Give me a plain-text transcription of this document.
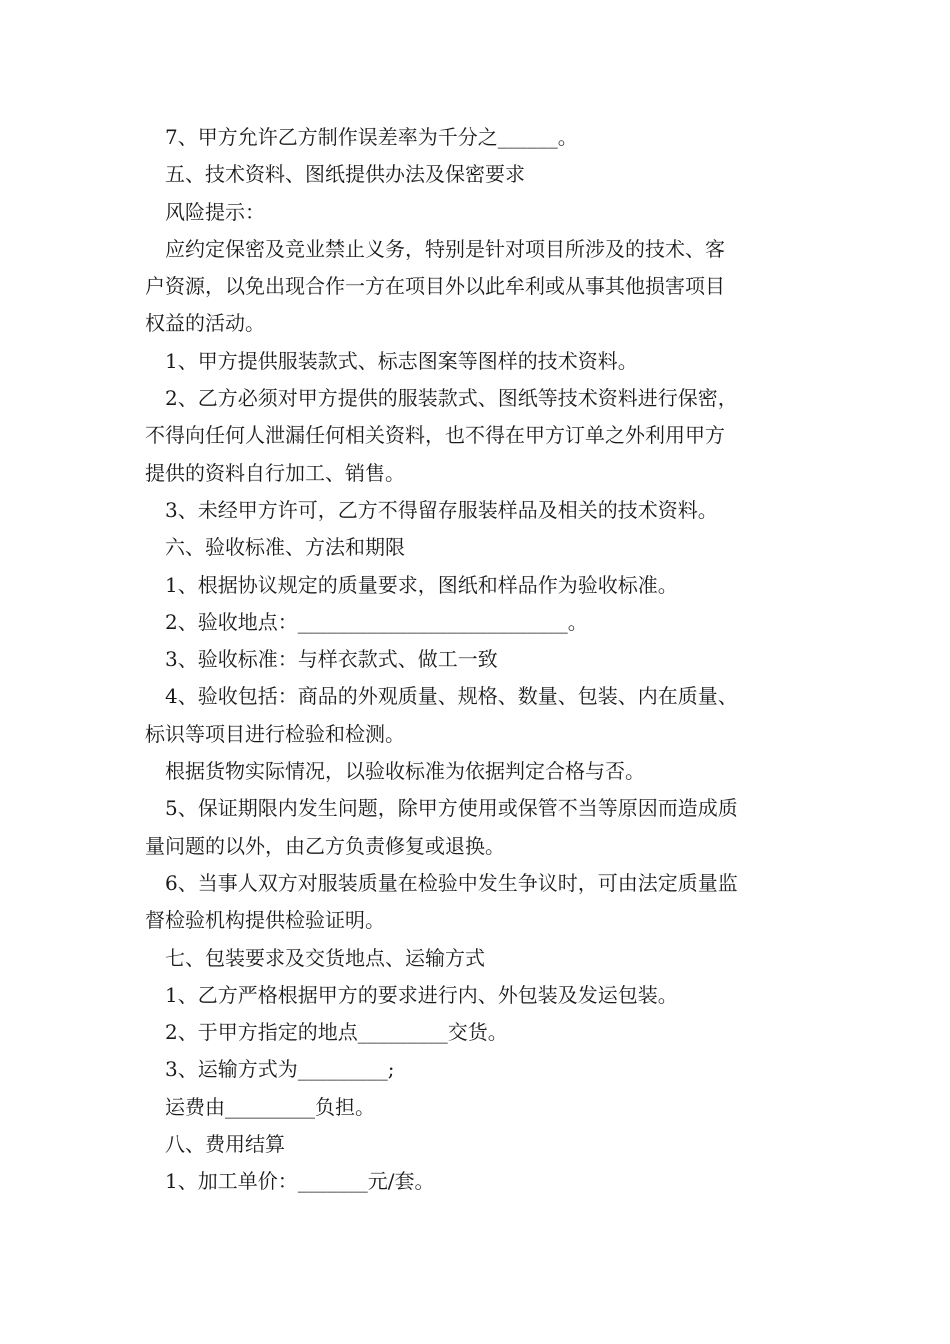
7、甲方允许乙方制作误差率为千分之______。
五、技术资料、图纸提供办法及保密要求
风险提示：
应约定保密及竞业禁止义务，特别是针对项目所涉及的技术、客
户资源，以免出现合作一方在项目外以此牟利或从事其他损害项目
权益的活动。
1、甲方提供服装款式、标志图案等图样的技术资料。
2、乙方必须对甲方提供的服装款式、图纸等技术资料进行保密，
不得向任何人泄漏任何相关资料，也不得在甲方订单之外利用甲方
提供的资料自行加工、销售。
3、未经甲方许可，乙方不得留存服装样品及相关的技术资料。
六、验收标准、方法和期限
1、根据协议规定的质量要求，图纸和样品作为验收标准。
2、验收地点：___________________________。
3、验收标准：与样衣款式、做工一致
4、验收包括：商品的外观质量、规格、数量、包装、内在质量、
标识等项目进行检验和检测。
根据货物实际情况，以验收标准为依据判定合格与否。
5、保证期限内发生问题，除甲方使用或保管不当等原因而造成质
量问题的以外，由乙方负责修复或退换。
6、当事人双方对服装质量在检验中发生争议时，可由法定质量监
督检验机构提供检验证明。
七、包装要求及交货地点、运输方式
1、乙方严格根据甲方的要求进行内、外包装及发运包装。
2、于甲方指定的地点_________交货。
3、运输方式为_________;
运费由_________负担。
八、费用结算
1、加工单价：_______元/套。
